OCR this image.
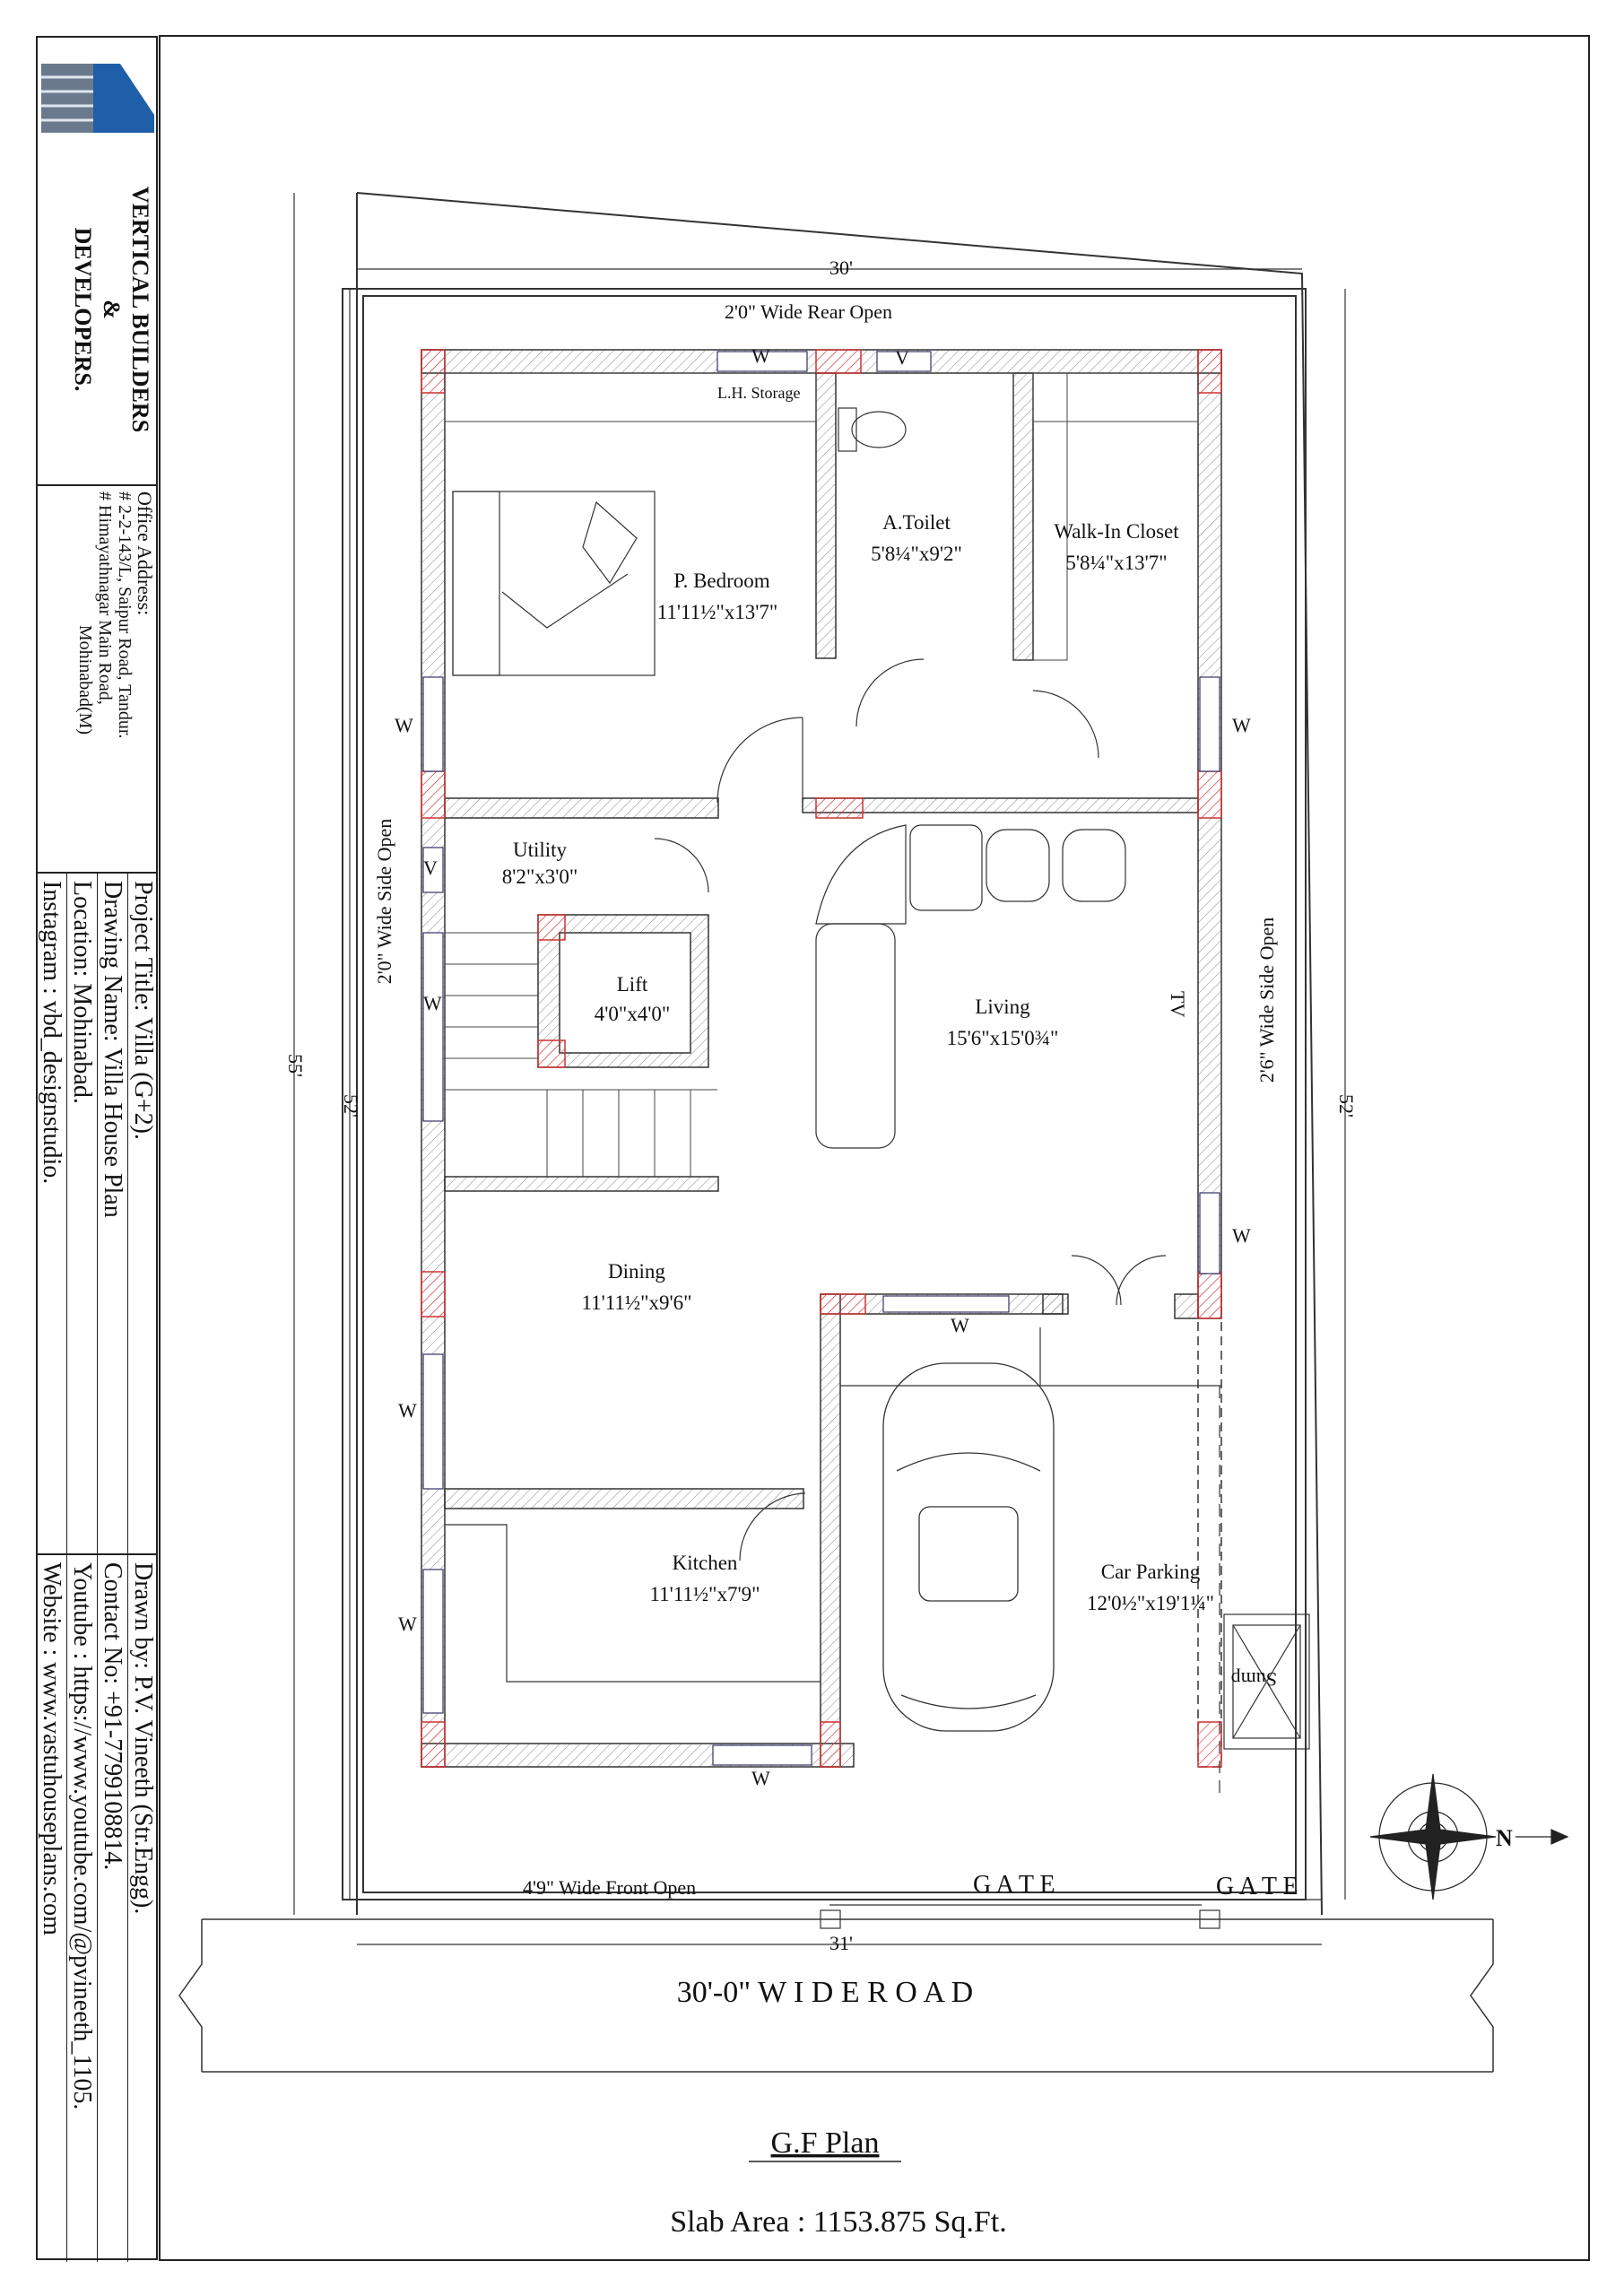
VERTICAL BUILDERS
&
DEVELOPERS.
Office Address:
# 2-2-143/L, Saipur Road, Tandur.
# Himayathnagar Main Road,
Mohinabad(M)
Project Title: Villa (G+2).
Drawing Name: Villa House Plan
Location: Mohinabad.
Instagram : vbd_designstudio.
Drawn by: P.V. Vineeth (Str.Engg).
Contact No: +91-7799108814.
Youtube : https://www.youtube.com/@pvineeth_1105.
Website : www.vastuhouseplans.com
30'
31'
55'
52'	52'
2'0" Wide Rear Open
2'0" Wide Side Open
2'6" Wide Side Open
4'9" Wide Front Open
W	V
W	W
V
W
W
W
W
W
W
L.H. Storage
TV
Sump
P. Bedroom
11'11½"x13'7"
A.Toilet
5'8¼"x9'2"
Walk-In Closet
5'8¼"x13'7"
Utility
8'2"x3'0"
Lift
4'0"x4'0"	Living
15'6"x15'0¾"
Dining
11'11½"x9'6"
Kitchen
11'11½"x7'9"
Car Parking
12'0½"x19'1¼"
G A T E	G A T E
30'-0" W I D E R O A D
N
G.F Plan
Slab Area : 1153.875 Sq.Ft.
